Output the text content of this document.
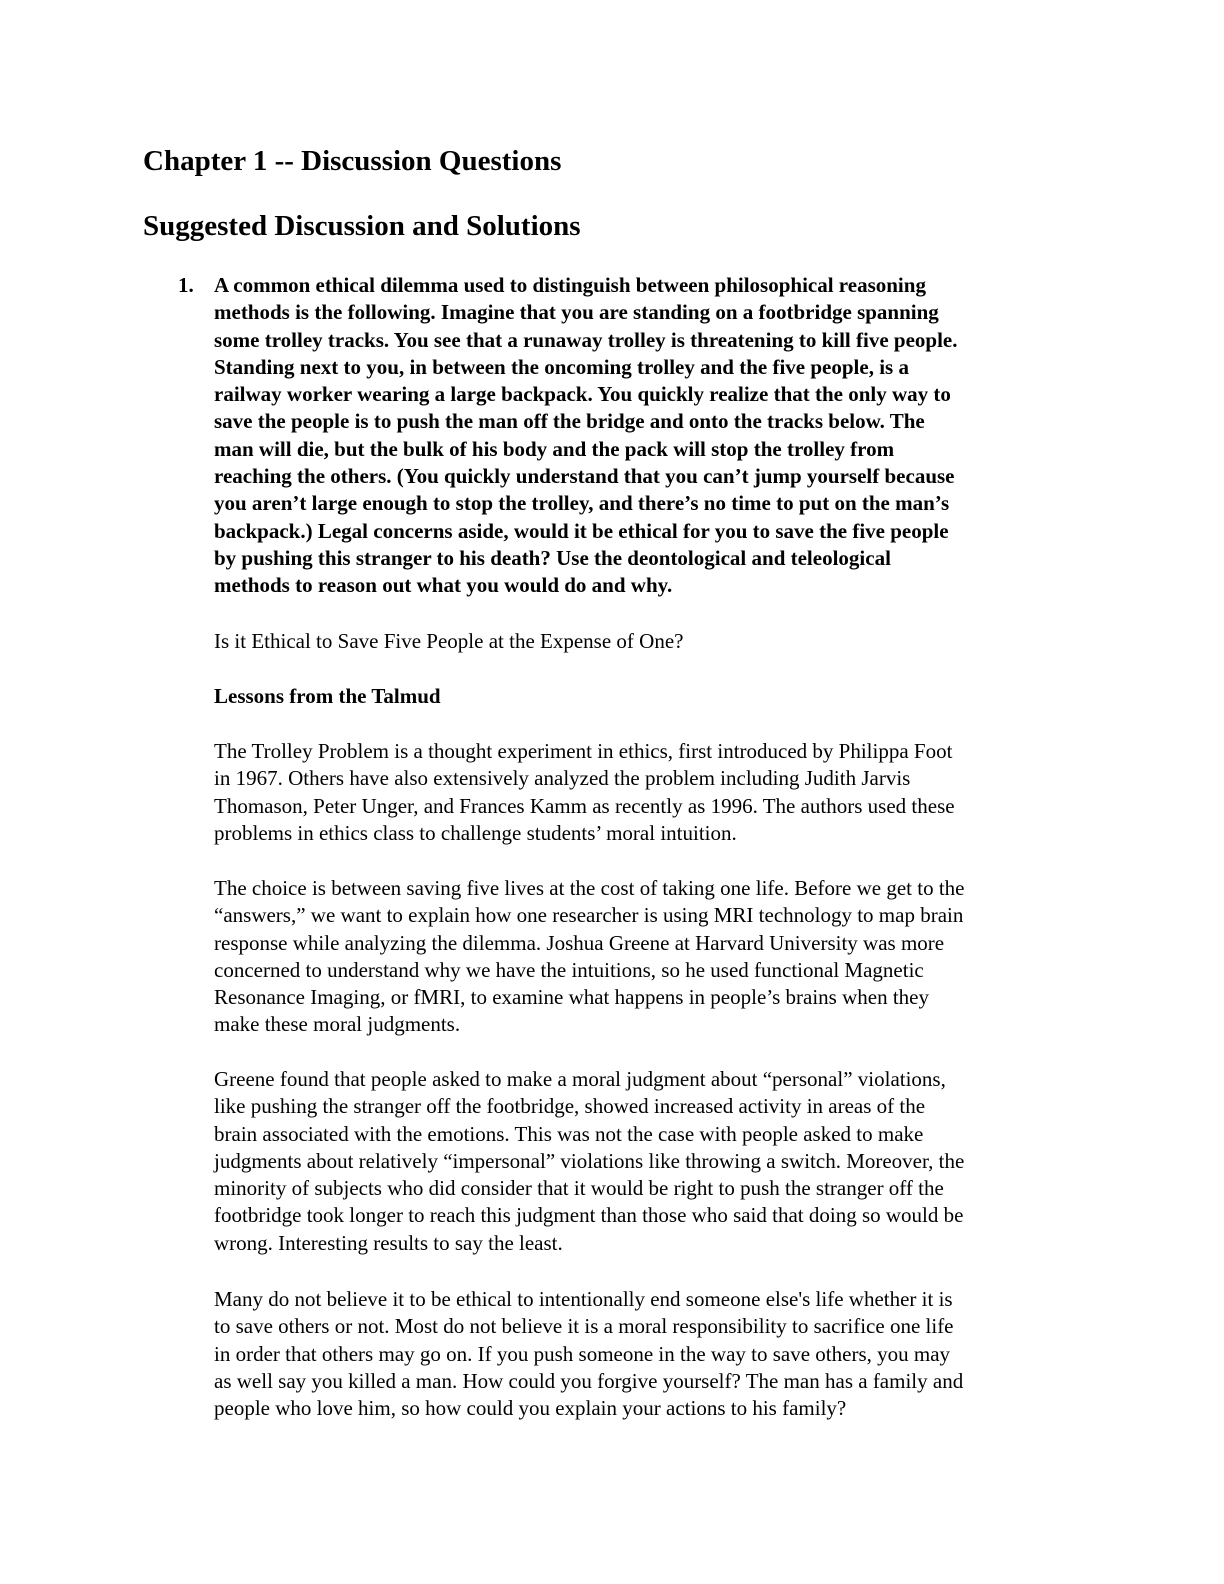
Chapter 1 -- Discussion Questions
Suggested Discussion and Solutions
1. A common ethical dilemma used to distinguish between philosophical reasoning
methods is the following. Imagine that you are standing on a footbridge spanning
some trolley tracks. You see that a runaway trolley is threatening to kill five people.
Standing next to you, in between the oncoming trolley and the five people, is a
railway worker wearing a large backpack. You quickly realize that the only way to
save the people is to push the man off the bridge and onto the tracks below. The
man will die, but the bulk of his body and the pack will stop the trolley from
reaching the others. (You quickly understand that you can’t jump yourself because
you aren’t large enough to stop the trolley, and there’s no time to put on the man’s
backpack.) Legal concerns aside, would it be ethical for you to save the five people
by pushing this stranger to his death? Use the deontological and teleological
methods to reason out what you would do and why.

Is it Ethical to Save Five People at the Expense of One?

Lessons from the Talmud

The Trolley Problem is a thought experiment in ethics, first introduced by Philippa Foot
in 1967. Others have also extensively analyzed the problem including Judith Jarvis
Thomason, Peter Unger, and Frances Kamm as recently as 1996. The authors used these
problems in ethics class to challenge students’ moral intuition.

The choice is between saving five lives at the cost of taking one life. Before we get to the
“answers,” we want to explain how one researcher is using MRI technology to map brain
response while analyzing the dilemma. Joshua Greene at Harvard University was more
concerned to understand why we have the intuitions, so he used functional Magnetic
Resonance Imaging, or fMRI, to examine what happens in people’s brains when they
make these moral judgments.

Greene found that people asked to make a moral judgment about “personal” violations,
like pushing the stranger off the footbridge, showed increased activity in areas of the
brain associated with the emotions. This was not the case with people asked to make
judgments about relatively “impersonal” violations like throwing a switch. Moreover, the
minority of subjects who did consider that it would be right to push the stranger off the
footbridge took longer to reach this judgment than those who said that doing so would be
wrong. Interesting results to say the least.

Many do not believe it to be ethical to intentionally end someone else's life whether it is
to save others or not. Most do not believe it is a moral responsibility to sacrifice one life
in order that others may go on. If you push someone in the way to save others, you may
as well say you killed a man. How could you forgive yourself? The man has a family and
people who love him, so how could you explain your actions to his family?
